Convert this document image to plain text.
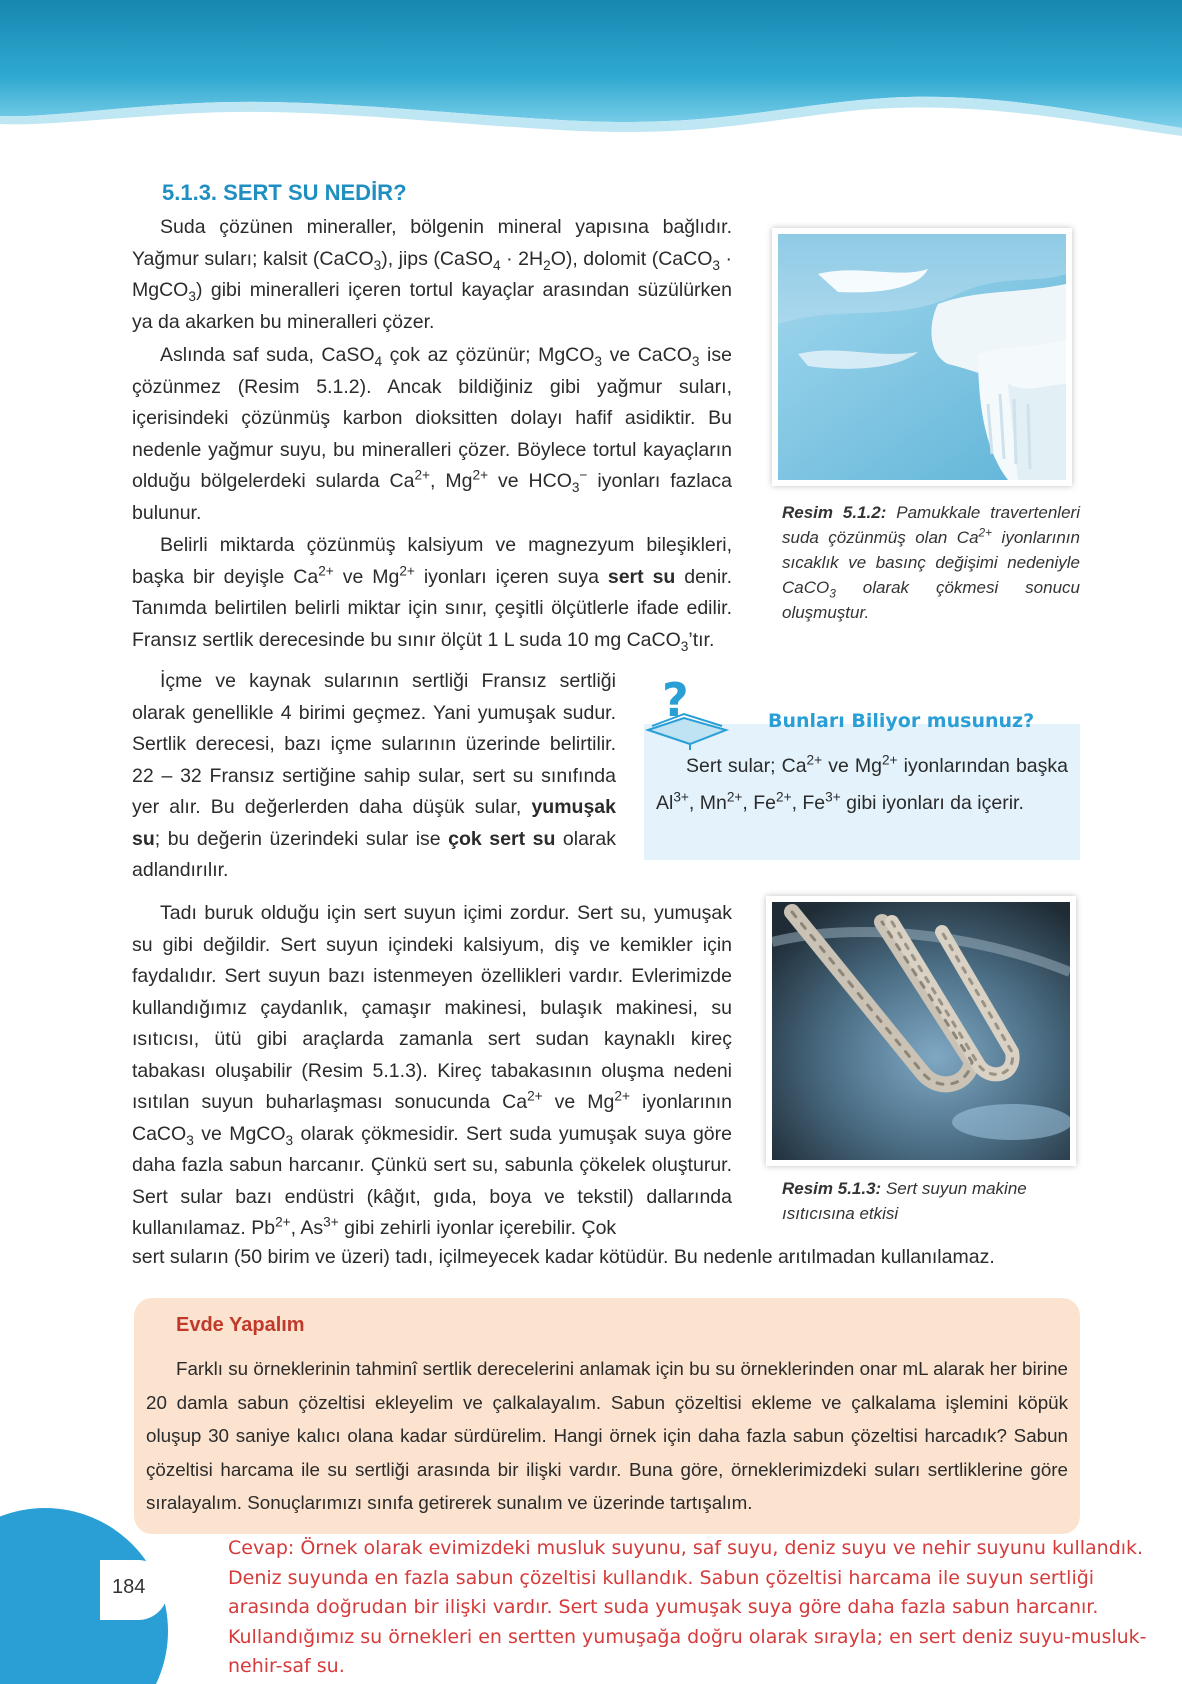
5.1.3. SERT SU NEDİR?
Suda çözünen mineraller, bölgenin mineral yapısına bağlıdır. Yağmur suları; kalsit (CaCO$_3$), jips (CaSO$_4$ · $2H_2O$), dolomit (CaCO$_3$ · MgCO$_3$) gibi mineralleri içeren tortul kayaçlar arasından süzülürken ya da akarken bu mineralleri çözer.
Aslında saf suda, CaSO$_4$ çok az çözünür; MgCO$_3$ ve CaCO$_3$ ise çözünmez (Resim 5.1.2). Ancak bildiğiniz gibi yağmur suları, içerisindeki çözünmüş karbon dioksitten dolayı hafif asidiktir. Bu nedenle yağmur suyu, bu mineralleri çözer. Böylece tortul kayaçların olduğu bölgelerdeki sularda $Ca^{2+}$, $Mg^{2+}$ ve $HCO_3^-$ iyonları fazlaca bulunur.
Belirli miktarda çözünmüş kalsiyum ve magnezyum bileşikleri, başka bir deyişle $Ca^{2+}$ ve $Mg^{2+}$ iyonları içeren suya sert su denir. Tanımda belirtilen belirli miktar için sınır, çeşitli ölçütlerle ifade edilir. Fransız sertlik derecesinde bu sınır ölçüt 1 L suda 10 mg CaCO$_3$’tır.
Resim 5.1.2: Pamukkale travertenleri suda çözünmüş olan $Ca^{2+}$ iyonlarının sıcaklık ve basınç değişimi nedeniyle CaCO$_3$ olarak çökmesi sonucu oluşmuştur.
İçme ve kaynak sularının sertliği Fransız sertliği olarak genellikle 4 birimi geçmez. Yani yumuşak sudur. Sertlik derecesi, bazı içme sularının üzerinde belirtilir. 22 – 32 Fransız sertiğine sahip sular, sert su sınıfında yer alır. Bu değerlerden daha düşük sular, yumuşak su; bu değerin üzerindeki sular ise çok sert su olarak adlandırılır.
?	Bunları Biliyor musunuz?
Sert sular; $Ca^{2+}$ ve $Mg^{2+}$ iyonlarından başka $Al^{3+}$, $Mn^{2+}$, $Fe^{2+}$, $Fe^{3+}$ gibi iyonları da içerir.
Tadı buruk olduğu için sert suyun içimi zordur. Sert su, yumuşak su gibi değildir. Sert suyun içindeki kalsiyum, diş ve kemikler için faydalıdır. Sert suyun bazı istenmeyen özellikleri vardır. Evlerimizde kullandığımız çaydanlık, çamaşır makinesi, bulaşık makinesi, su ısıtıcısı, ütü gibi araçlarda zamanla sert sudan kaynaklı kireç tabakası oluşabilir (Resim 5.1.3). Kireç tabakasının oluşma nedeni ısıtılan suyun buharlaşması sonucunda $Ca^{2+}$ ve $Mg^{2+}$ iyonlarının CaCO$_3$ ve MgCO$_3$ olarak çökmesidir. Sert suda yumuşak suya göre daha fazla sabun harcanır. Çünkü sert su, sabunla çökelek oluşturur. Sert sular bazı endüstri (kâğıt, gıda, boya ve tekstil) dallarında kullanılamaz. $Pb^{2+}$, $As^{3+}$ gibi zehirli iyonlar içerebilir. Çok
sert suların (50 birim ve üzeri) tadı, içilmeyecek kadar kötüdür. Bu nedenle arıtılmadan kullanılamaz.
Resim 5.1.3: Sert suyun makine ısıtıcısına etkisi
Evde Yapalım
Farklı su örneklerinin tahminî sertlik derecelerini anlamak için bu su örneklerinden onar mL alarak her birine 20 damla sabun çözeltisi ekleyelim ve çalkalayalım. Sabun çözeltisi ekleme ve çalkalama işlemini köpük oluşup 30 saniye kalıcı olana kadar sürdürelim. Hangi örnek için daha fazla sabun çözeltisi harcadık? Sabun çözeltisi harcama ile su sertliği arasında bir ilişki vardır. Buna göre, örneklerimizdeki suları sertliklerine göre sıralayalım. Sonuçlarımızı sınıfa getirerek sunalım ve üzerinde tartışalım.
184
Cevap: Örnek olarak evimizdeki musluk suyunu, saf suyu, deniz suyu ve nehir suyunu kullandık.
Deniz suyunda en fazla sabun çözeltisi kullandık. Sabun çözeltisi harcama ile suyun sertliği
arasında doğrudan bir ilişki vardır. Sert suda yumuşak suya göre daha fazla sabun harcanır.
Kullandığımız su örnekleri en sertten yumuşağa doğru olarak sırayla; en sert deniz suyu-musluk-
nehir-saf su.
